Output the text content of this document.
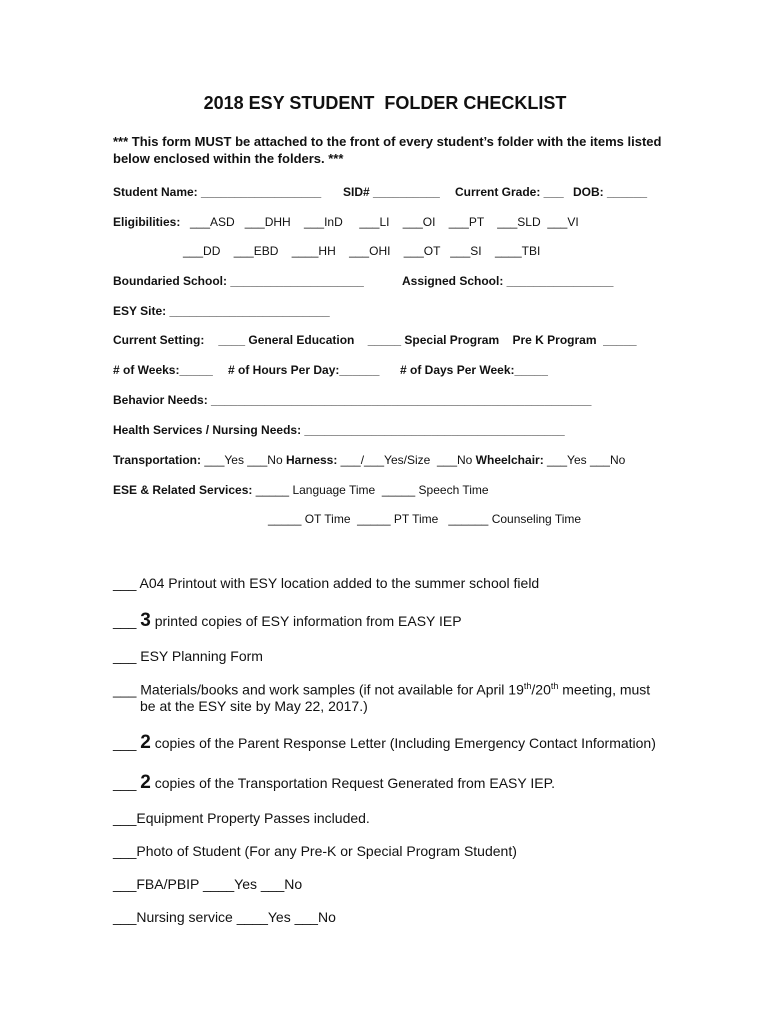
2018 ESY STUDENT  FOLDER CHECKLIST
*** This form MUST be attached to the front of every student’s folder with the items listed below enclosed within the folders. ***
Student Name: __________________ SID# __________ Current Grade: ___ DOB: ______
Eligibilities: ___ASD   ___DHH    ___InD     ___LI    ___OI    ___PT    ___SLD  ___VI
___DD    ___EBD    ____HH    ___OHI    ___OT   ___SI    ____TBI
Boundaried School: ____________________	Assigned School: ________________
ESY Site: ________________________
Current Setting: ____ General Education    _____ Special Program    Pre K Program  _____
# of Weeks:_____ # of Hours Per Day:______ # of Days Per Week:_____
Behavior Needs: _________________________________________________________
Health Services / Nursing Needs: _______________________________________
Transportation: ___Yes ___No Harness: ___/___Yes/Size  ___No Wheelchair: ___Yes ___No
ESE & Related Services: _____ Language Time  _____ Speech Time
_____ OT Time  _____ PT Time   ______ Counseling Time
___ A04 Printout with ESY location added to the summer school field
___ 3 printed copies of ESY information from EASY IEP
___ ESY Planning Form
___ Materials/books and work samples (if not available for April 19th/20th meeting, must
be at the ESY site by May 22, 2017.)
___ 2 copies of the Parent Response Letter (Including Emergency Contact Information)
___ 2 copies of the Transportation Request Generated from EASY IEP.
___Equipment Property Passes included.
___Photo of Student (For any Pre-K or Special Program Student)
___FBA/PBIP ____Yes ___No
___Nursing service ____Yes ___No
